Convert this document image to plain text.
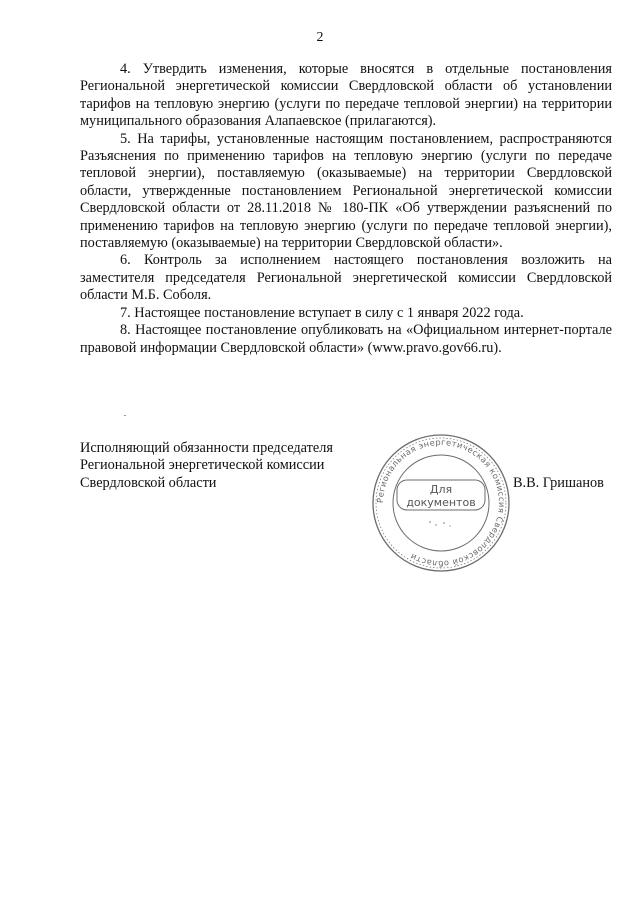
2

4. Утвердить изменения, которые вносятся в отдельные постановления Региональной энергетической комиссии Свердловской области об установлении тарифов на тепловую энергию (услуги по передаче тепловой энергии) на территории муниципального образования Алапаевское (прилагаются).

5. На тарифы, установленные настоящим постановлением, распространяются Разъяснения по применению тарифов на тепловую энергию (услуги по передаче тепловой энергии), поставляемую (оказываемые) на территории Свердловской области, утвержденные постановлением Региональной энергетической комиссии Свердловской области от 28.11.2018 № 180-ПК «Об утверждении разъяснений по применению тарифов на тепловую энергию (услуги по передаче тепловой энергии), поставляемую (оказываемые) на территории Свердловской области».

6. Контроль за исполнением настоящего постановления возложить на заместителя председателя Региональной энергетической комиссии Свердловской области М.Б. Соболя.

7. Настоящее постановление вступает в силу с 1 января 2022 года.

8. Настоящее постановление опубликовать на «Официальном интернет-портале правовой информации Свердловской области» (www.pravo.gov66.ru).

Исполняющий обязанности председателя
Региональной энергетической комиссии
Свердловской области
Региональная энергетическая комиссия Свердловской области
Для
документов
В.В. Гришанов
